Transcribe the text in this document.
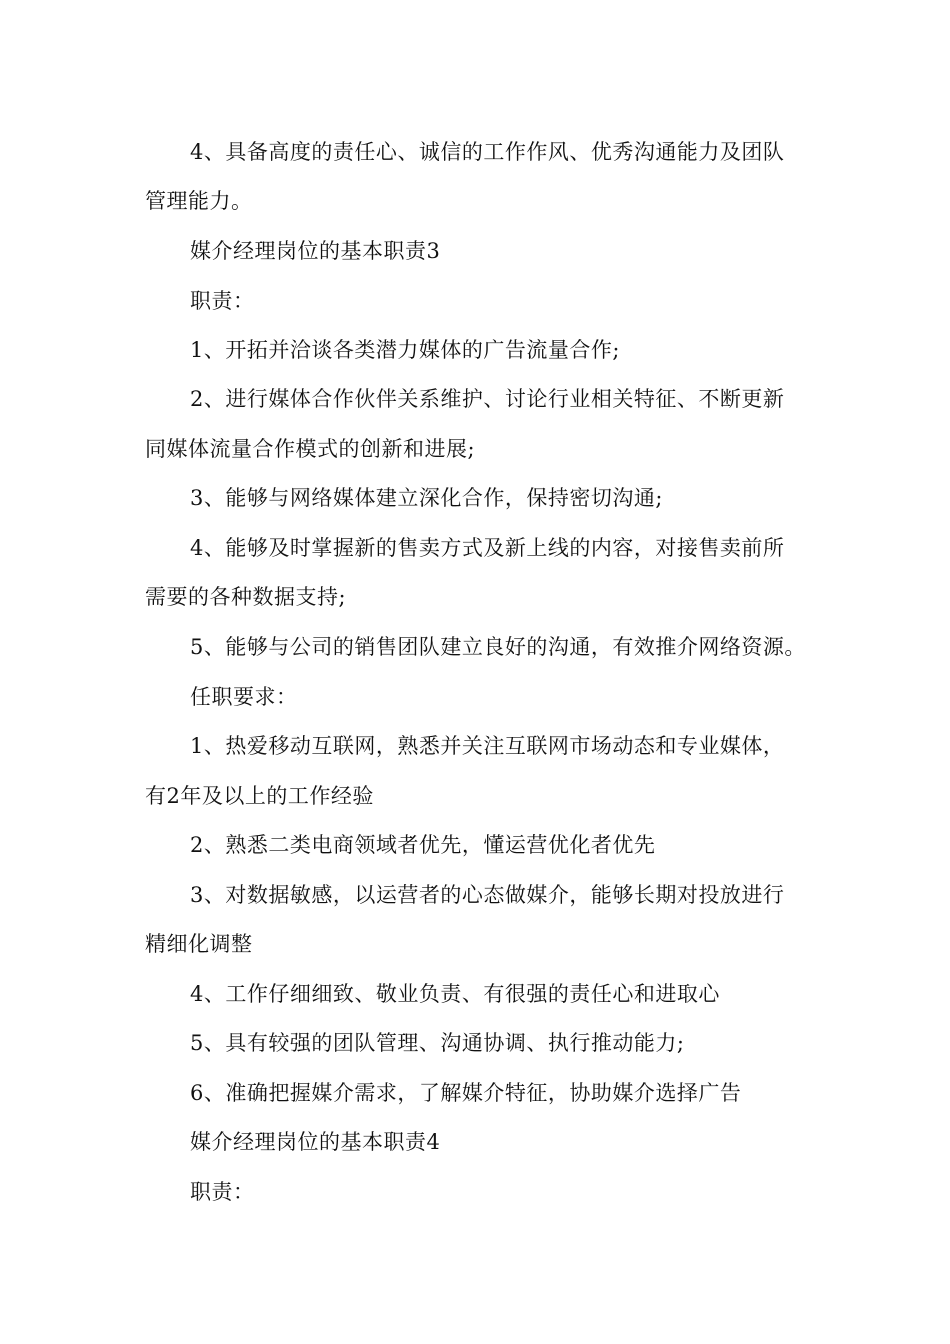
4、具备高度的责任心、诚信的工作作风、优秀沟通能力及团队
管理能力。
媒介经理岗位的基本职责3
职责：
1、开拓并洽谈各类潜力媒体的广告流量合作;
2、进行媒体合作伙伴关系维护、讨论行业相关特征、不断更新
同媒体流量合作模式的创新和进展;
3、能够与网络媒体建立深化合作，保持密切沟通;
4、能够及时掌握新的售卖方式及新上线的内容，对接售卖前所
需要的各种数据支持;
5、能够与公司的销售团队建立良好的沟通，有效推介网络资源。
任职要求：
1、热爱移动互联网，熟悉并关注互联网市场动态和专业媒体，
有2年及以上的工作经验
2、熟悉二类电商领域者优先，懂运营优化者优先
3、对数据敏感，以运营者的心态做媒介，能够长期对投放进行
精细化调整
4、工作仔细细致、敬业负责、有很强的责任心和进取心
5、具有较强的团队管理、沟通协调、执行推动能力;
6、准确把握媒介需求，了解媒介特征，协助媒介选择广告
媒介经理岗位的基本职责4
职责：
